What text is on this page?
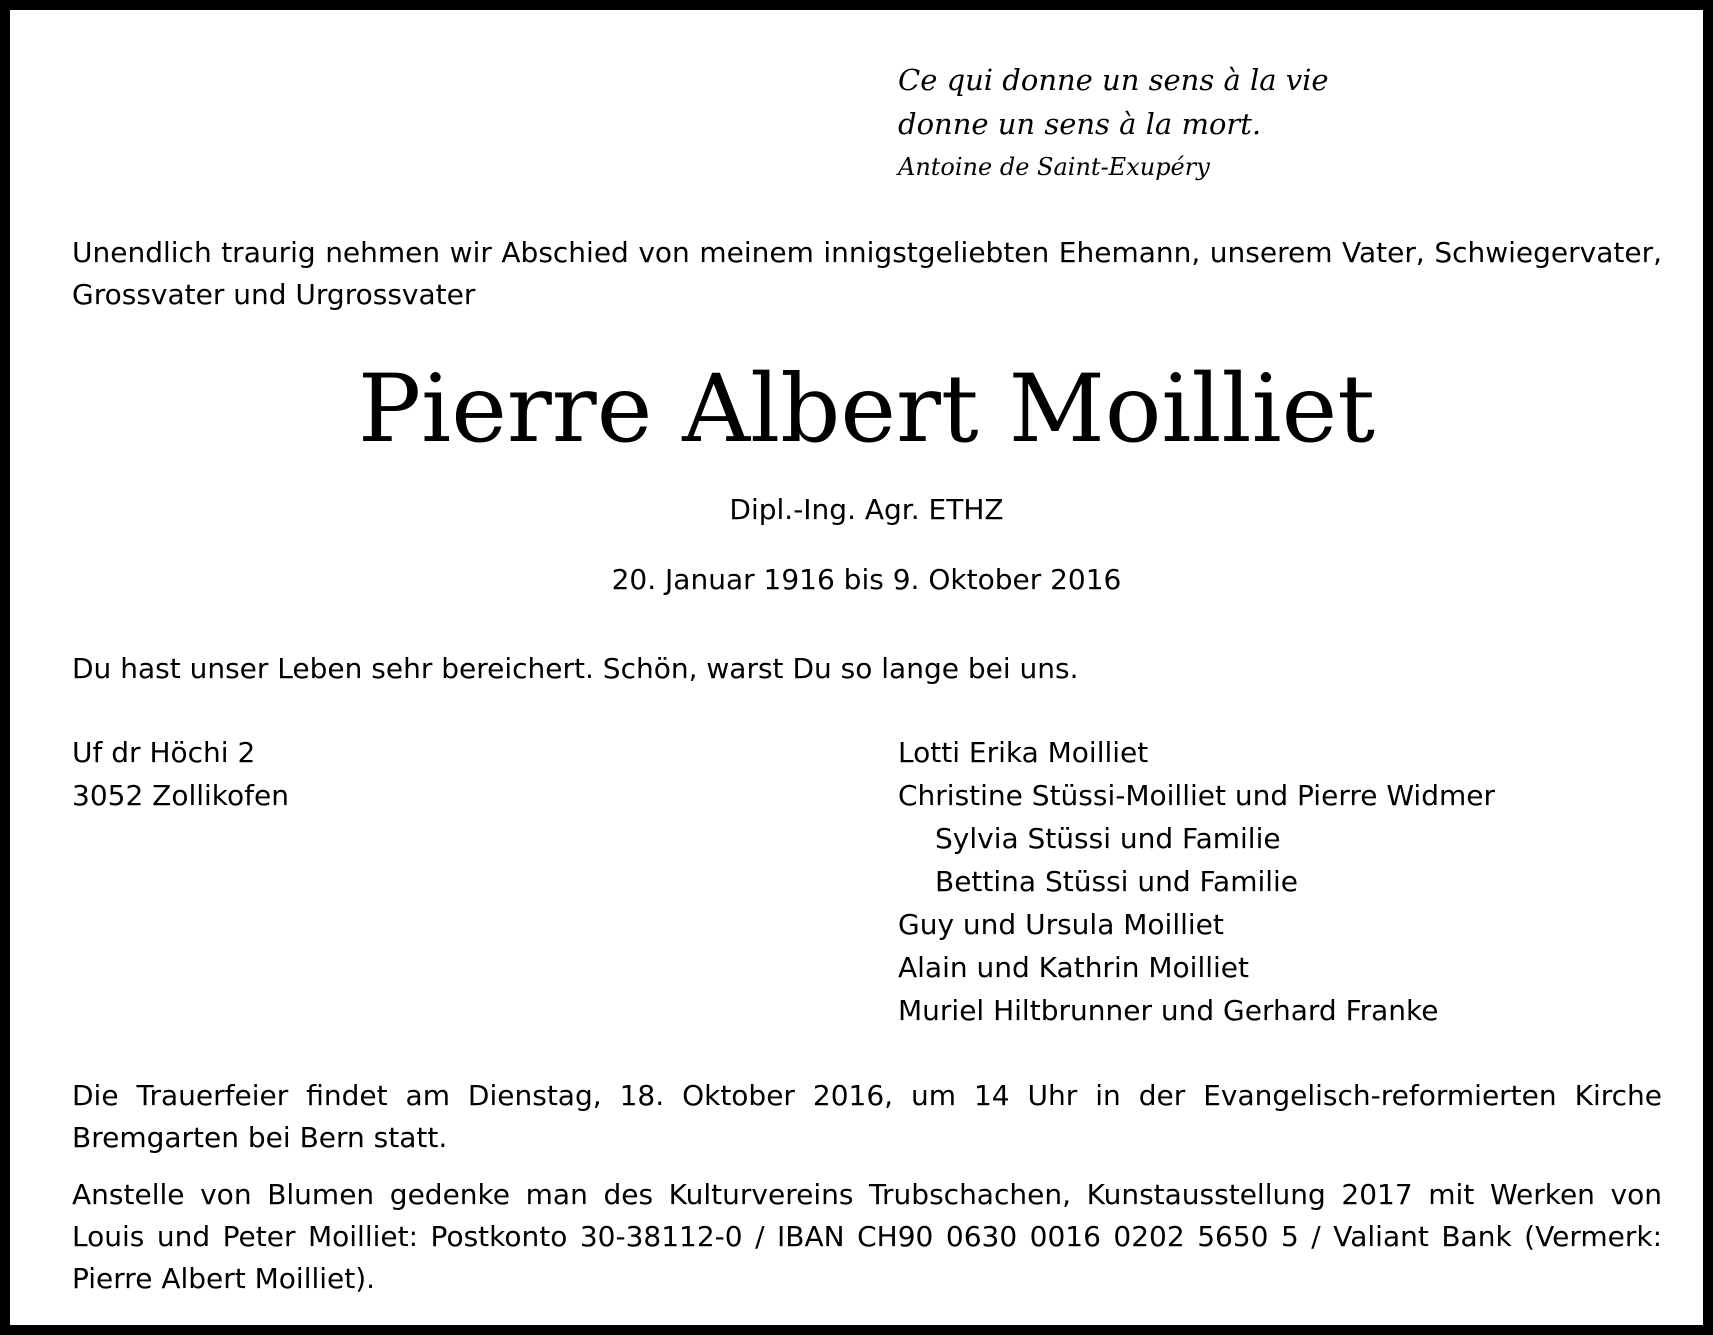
Ce qui donne un sens à la vie
donne un sens à la mort.
Antoine de Saint-Exupéry
Unendlich traurig nehmen wir Abschied von meinem innigstgeliebten Ehemann, unserem Vater, Schwiegervater, Grossvater und Urgrossvater
Pierre Albert Moilliet
Dipl.-Ing. Agr. ETHZ
20. Januar 1916 bis 9. Oktober 2016
Du hast unser Leben sehr bereichert. Schön, warst Du so lange bei uns.
Uf dr Höchi 2
3052 Zollikofen
Lotti Erika Moilliet
Christine Stüssi-Moilliet und Pierre Widmer
Sylvia Stüssi und Familie
Bettina Stüssi und Familie
Guy und Ursula Moilliet
Alain und Kathrin Moilliet
Muriel Hiltbrunner und Gerhard Franke
Die Trauerfeier findet am Dienstag, 18. Oktober 2016, um 14 Uhr in der Evangelisch-reformierten Kirche Bremgarten bei Bern statt.
Anstelle von Blumen gedenke man des Kulturvereins Trubschachen, Kunstausstellung 2017 mit Werken von Louis und Peter Moilliet: Postkonto 30-38112-0 / IBAN CH90 0630 0016 0202 5650 5 / Valiant Bank (Vermerk: Pierre Albert Moilliet).
